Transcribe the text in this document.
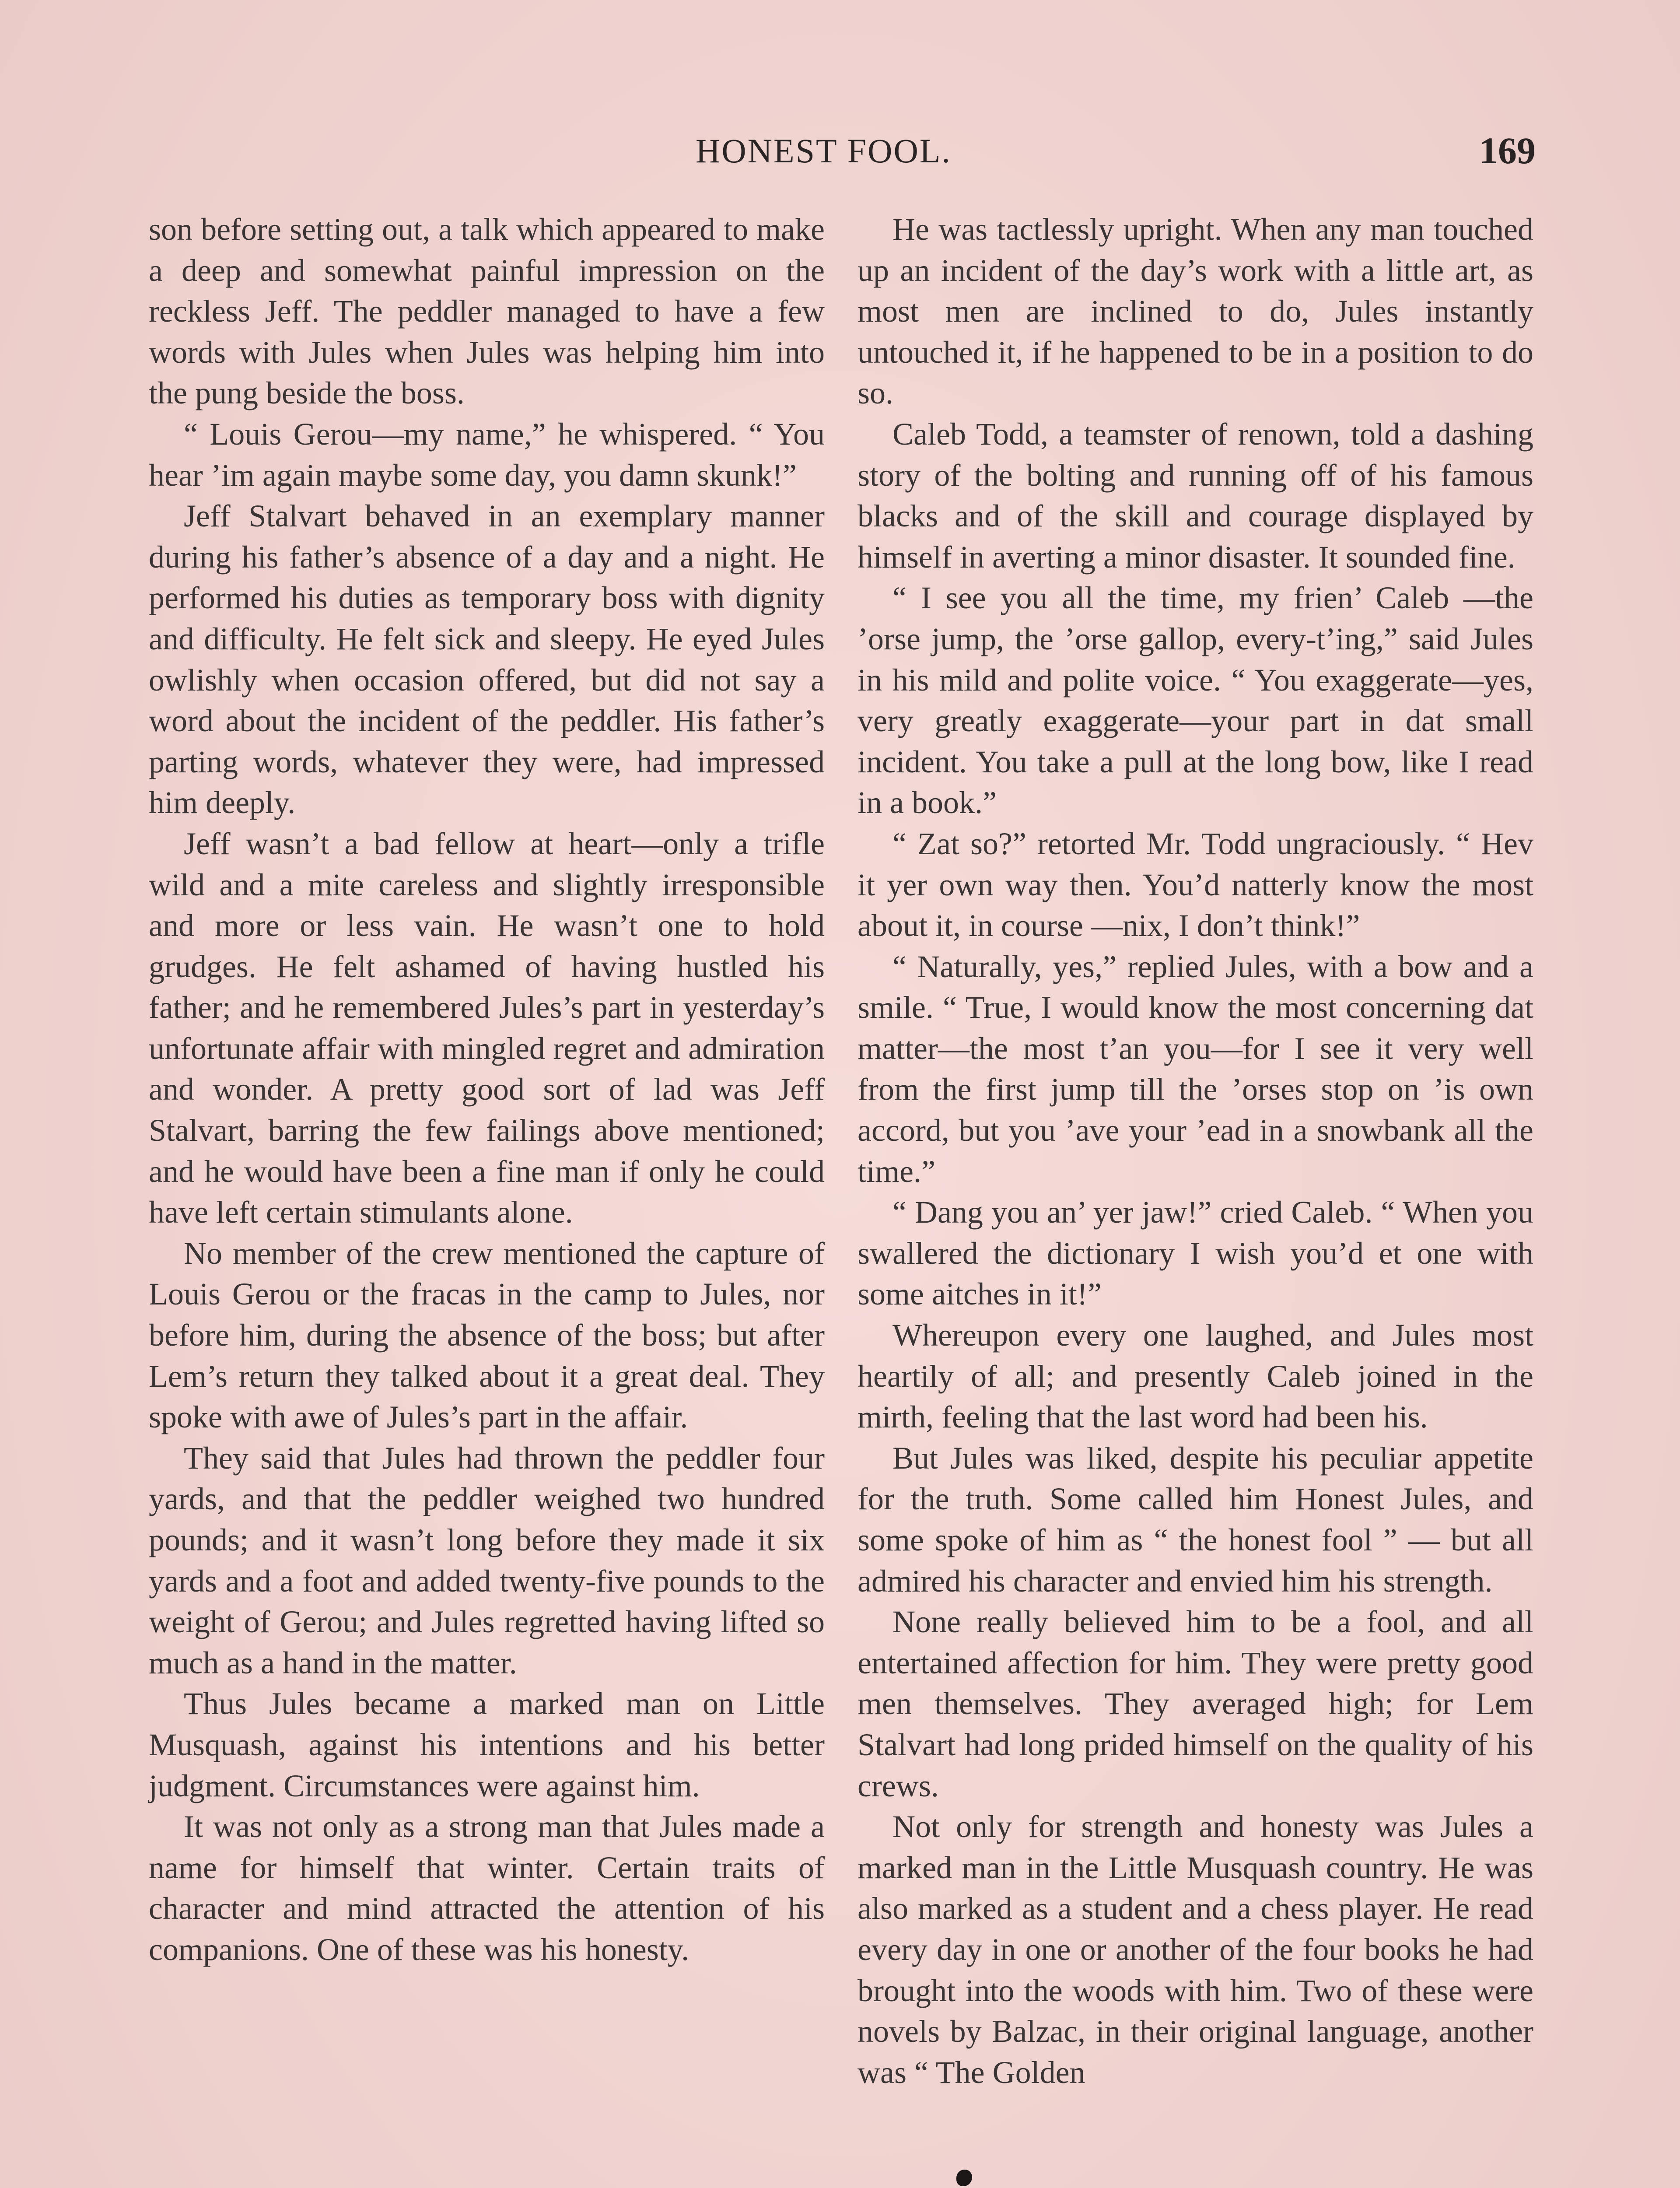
HONEST FOOL.	169

son before setting out, a talk which appeared to make a deep and somewhat painful impression on the reckless Jeff. The peddler managed to have a few words with Jules when Jules was helping him into the pung beside the boss.

“ Louis Gerou—my name,” he whispered. “ You hear ’im again maybe some day, you damn skunk!”

Jeff Stalvart behaved in an exemplary manner during his father’s absence of a day and a night. He performed his duties as temporary boss with dignity and difficulty. He felt sick and sleepy. He eyed Jules owlishly when occasion offered, but did not say a word about the incident of the peddler. His father’s parting words, whatever they were, had impressed him deeply.

Jeff wasn’t a bad fellow at heart—only a trifle wild and a mite careless and slightly irresponsible and more or less vain. He wasn’t one to hold grudges. He felt ashamed of having hustled his father; and he remembered Jules’s part in yesterday’s unfortunate affair with mingled regret and admiration and wonder. A pretty good sort of lad was Jeff Stalvart, barring the few failings above mentioned; and he would have been a fine man if only he could have left certain stimulants alone.

No member of the crew mentioned the capture of Louis Gerou or the fracas in the camp to Jules, nor before him, during the absence of the boss; but after Lem’s return they talked about it a great deal. They spoke with awe of Jules’s part in the affair.

They said that Jules had thrown the peddler four yards, and that the peddler weighed two hundred pounds; and it wasn’t long before they made it six yards and a foot and added twenty-five pounds to the weight of Gerou; and Jules regretted having lifted so much as a hand in the matter.

Thus Jules became a marked man on Little Musquash, against his intentions and his better judgment. Circumstances were against him.

It was not only as a strong man that Jules made a name for himself that winter. Certain traits of character and mind attracted the attention of his companions. One of these was his honesty.

He was tactlessly upright. When any man touched up an incident of the day’s work with a little art, as most men are inclined to do, Jules instantly untouched it, if he happened to be in a position to do so.

Caleb Todd, a teamster of renown, told a dashing story of the bolting and running off of his famous blacks and of the skill and courage displayed by himself in averting a minor disaster. It sounded fine.

“ I see you all the time, my frien’ Caleb —the ’orse jump, the ’orse gallop, every-t’ing,” said Jules in his mild and polite voice. “ You exaggerate—yes, very greatly exaggerate—your part in dat small incident. You take a pull at the long bow, like I read in a book.”

“ Zat so?” retorted Mr. Todd ungraciously. “ Hev it yer own way then. You’d natterly know the most about it, in course —nix, I don’t think!”

“ Naturally, yes,” replied Jules, with a bow and a smile. “ True, I would know the most concerning dat matter—the most t’an you—for I see it very well from the first jump till the ’orses stop on ’is own accord, but you ’ave your ’ead in a snowbank all the time.”

“ Dang you an’ yer jaw!” cried Caleb. “ When you swallered the dictionary I wish you’d et one with some aitches in it!”

Whereupon every one laughed, and Jules most heartily of all; and presently Caleb joined in the mirth, feeling that the last word had been his.

But Jules was liked, despite his peculiar appetite for the truth. Some called him Honest Jules, and some spoke of him as “ the honest fool ” — but all admired his character and envied him his strength.

None really believed him to be a fool, and all entertained affection for him. They were pretty good men themselves. They averaged high; for Lem Stalvart had long prided himself on the quality of his crews.

Not only for strength and honesty was Jules a marked man in the Little Musquash country. He was also marked as a student and a chess player. He read every day in one or another of the four books he had brought into the woods with him. Two of these were novels by Balzac, in their original language, another was “ The Golden
